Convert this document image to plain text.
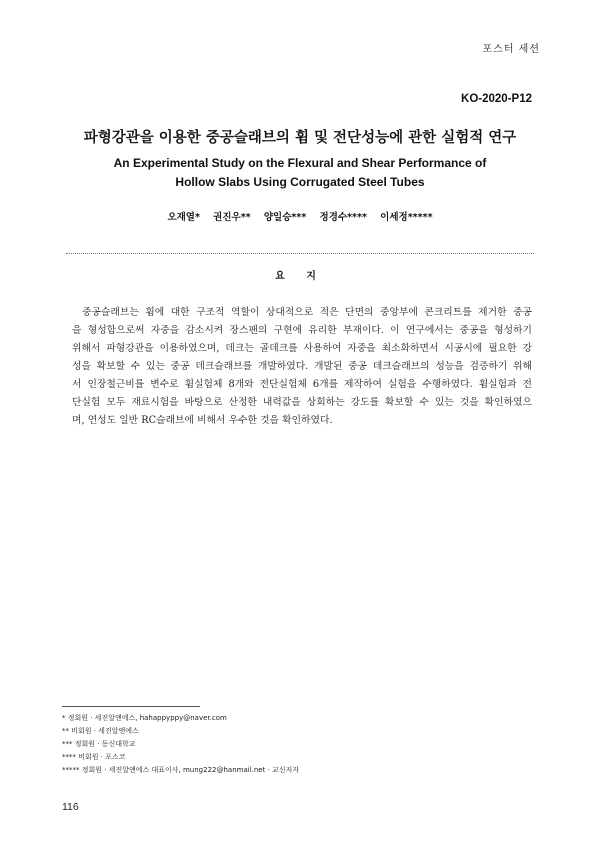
포스터 세션
KO-2020-P12
파형강관을 이용한 중공슬래브의 휨 및 전단성능에 관한 실험적 연구
An Experimental Study on the Flexural and Shear Performance of
Hollow Slabs Using Corrugated Steel Tubes
오재열*    권진우**    양일승***    정경수****    이세정*****
요 지
중공슬래브는 휨에 대한 구조적 역할이 상대적으로 적은 단면의 중앙부에 콘크리트를 제거한 중공
을 형성함으로써 자중을 감소시켜 장스팬의 구현에 유리한 부재이다. 이 연구에서는 중공을 형성하기
위해서 파형강관을 이용하였으며, 데크는 골데크를 사용하여 자중을 최소화하면서 시공시에 필요한 강
성을 확보할 수 있는 중공 데크슬래브를 개발하였다. 개발된 중공 데크슬래브의 성능을 검증하기 위해
서 인장철근비를 변수로 휨실험체 8개와 전단실험체 6개를 제작하여 실험을 수행하였다. 휨실험과 전
단실험 모두 재료시험을 바탕으로 산정한 내력값을 상회하는 강도를 확보할 수 있는 것을 확인하였으
며, 연성도 일반 RC슬래브에 비해서 우수한 것을 확인하였다.
* 정회원 · 세진알앤에스, hahappyppy@naver.com
** 비회원 · 세진알앤에스
*** 정회원 · 동신대학교
**** 비회원 · 포스코
***** 정회원 · 세진알앤에스 대표이사, mung222@hanmail.net · 교신저자
116
